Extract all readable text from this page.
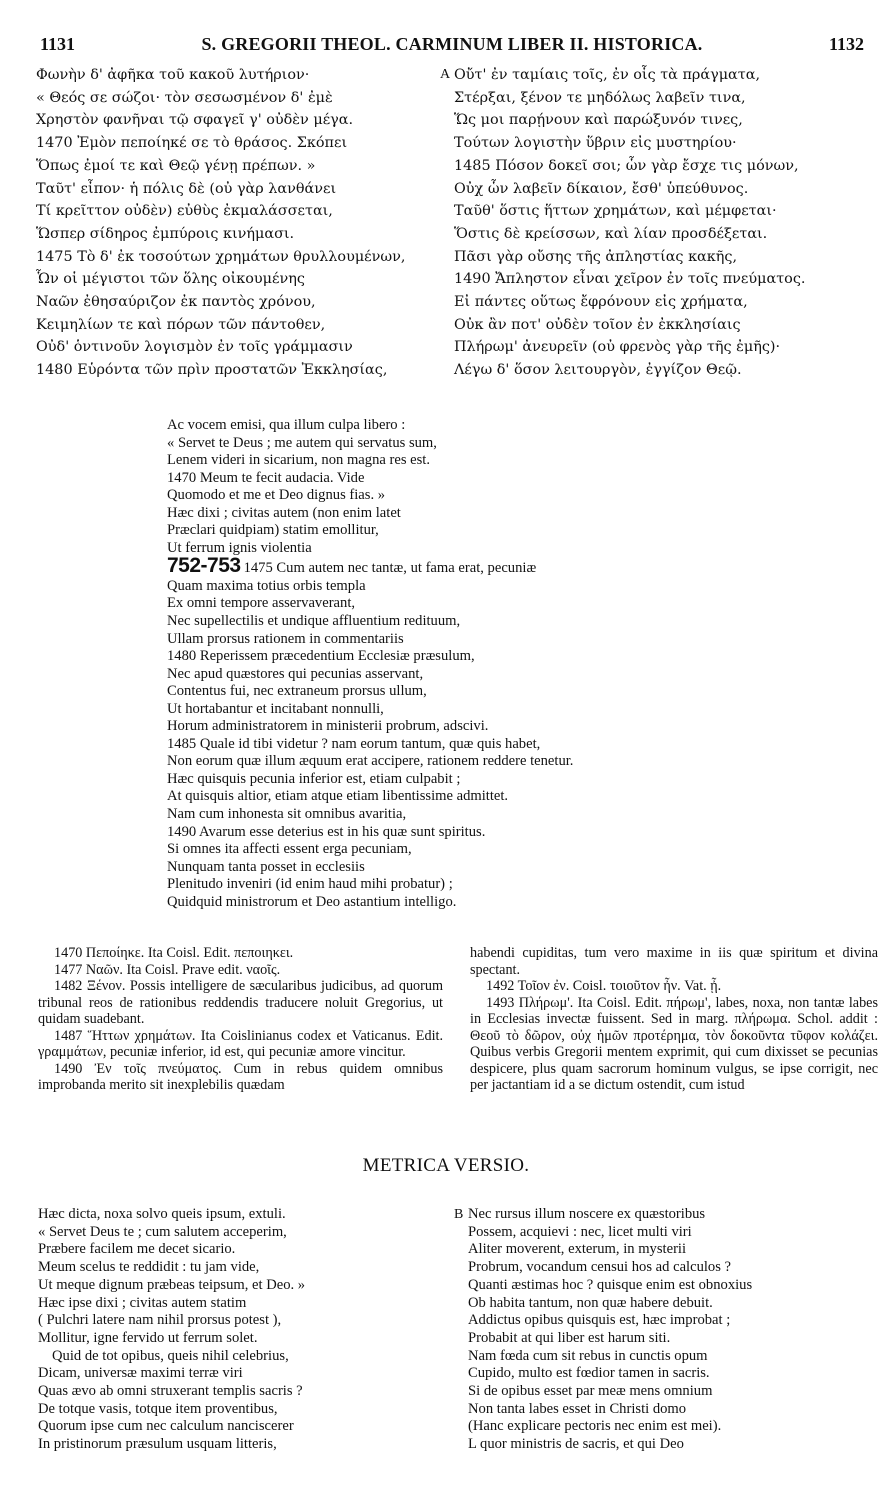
1131	S. GREGORII THEOL. CARMINUM LIBER II. HISTORICA.	1132
Φωνὴν δ' ἀφῆκα τοῦ κακοῦ λυτήριον·
« Θεός σε σώζοι· τὸν σεσωσμένον δ' ἐμὲ
Χρηστὸν φανῆναι τῷ σφαγεῖ γ' οὐδὲν μέγα.
1470 Ἐμὸν πεποίηκέ σε τὸ θράσος. Σκόπει
Ὅπως ἐμοί τε καὶ Θεῷ γένῃ πρέπων. »
Ταῦτ' εἶπον· ἡ πόλις δὲ (οὐ γὰρ λανθάνει
Τί κρεῖττον οὐδὲν) εὐθὺς ἐκμαλάσσεται,
Ὥσπερ σίδηρος ἐμπύροις κινήμασι.
1475 Τὸ δ' ἐκ τοσούτων χρημάτων θρυλλουμένων,
Ὧν οἱ μέγιστοι τῶν ὅλης οἰκουμένης
Ναῶν ἐθησαύριζον ἐκ παντὸς χρόνου,
Κειμηλίων τε καὶ πόρων τῶν πάντοθεν,
Οὐδ' ὁντινοῦν λογισμὸν ἐν τοῖς γράμμασιν
1480 Εὑρόντα τῶν πρὶν προστατῶν Ἐκκλησίας,
A Οὔτ' ἐν ταμίαις τοῖς, ἐν οἷς τὰ πράγματα,
Στέρξαι, ξένον τε μηδόλως λαβεῖν τινα,
Ὥς μοι παρῄνουν καὶ παρώξυνόν τινες,
Τούτων λογιστὴν ὕβριν εἰς μυστηρίου·
1485 Πόσον δοκεῖ σοι; ὧν γὰρ ἔσχε τις μόνων,
Οὐχ ὧν λαβεῖν δίκαιον, ἔσθ' ὑπεύθυνος.
Ταῦθ' ὅστις ἥττων χρημάτων, καὶ μέμφεται·
Ὅστις δὲ κρείσσων, καὶ λίαν προσδέξεται.
Πᾶσι γὰρ οὔσης τῆς ἀπληστίας κακῆς,
1490 Ἄπληστον εἶναι χεῖρον ἐν τοῖς πνεύματος.
Εἰ πάντες οὕτως ἔφρόνουν εἰς χρήματα,
Οὐκ ἂν ποτ' οὐδὲν τοῖον ἐν ἐκκλησίαις
Πλήρωμ' ἀνευρεῖν (οὐ φρενὸς γὰρ τῆς ἐμῆς)·
Λέγω δ' ὅσον λειτουργὸν, ἐγγίζον Θεῷ.
Ac vocem emisi, qua illum culpa libero :
« Servet te Deus ; me autem qui servatus sum,
Lenem videri in sicarium, non magna res est.
1470 Meum te fecit audacia. Vide
Quomodo et me et Deo dignus fias. »
Hæc dixi ; civitas autem (non enim latet
Præclari quidpiam) statim emollitur,
Ut ferrum ignis violentia
752-753 1475 Cum autem nec tantæ, ut fama erat, pecuniæ
Quam maxima totius orbis templa
Ex omni tempore asservaverant,
Nec supellectilis et undique affluentium redituum,
Ullam prorsus rationem in commentariis
1480 Reperissem præcedentium Ecclesiæ præsulum,
Nec apud quæstores qui pecunias asservant,
Contentus fui, nec extraneum prorsus ullum,
Ut hortabantur et incitabant nonnulli,
Horum administratorem in ministerii probrum, adscivi.
1485 Quale id tibi videtur ? nam eorum tantum, quæ quis habet,
Non eorum quæ illum æquum erat accipere, rationem reddere tenetur.
Hæc quisquis pecunia inferior est, etiam culpabit ;
At quisquis altior, etiam atque etiam libentissime admittet.
Nam cum inhonesta sit omnibus avaritia,
1490 Avarum esse deterius est in his quæ sunt spiritus.
Si omnes ita affecti essent erga pecuniam,
Nunquam tanta posset in ecclesiis
Plenitudo inveniri (id enim haud mihi probatur) ;
Quidquid ministrorum et Deo astantium intelligo.

1470 Πεποίηκε. Ita Coisl. Edit. πεποιηκει.

1477 Ναῶν. Ita Coisl. Prave edit. ναοῖς.

1482 Ξένον. Possis intelligere de sæcularibus judicibus, ad quorum tribunal reos de rationibus reddendis traducere noluit Gregorius, ut quidam suadebant.

1487 Ἥττων χρημάτων. Ita Coislinianus codex et Vaticanus. Edit. γραμμάτων, pecuniæ inferior, id est, qui pecuniæ amore vincitur.

1490 Ἐν τοῖς πνεύματος. Cum in rebus quidem omnibus improbanda merito sit inexplebilis quædam

habendi cupiditas, tum vero maxime in iis quæ spiritum et divina spectant.

1492 Τοῖον ἐν. Coisl. τοιοῦτον ἦν. Vat. ᾖ.

1493 Πλήρωμ'. Ita Coisl. Edit. πήρωμ', labes, noxa, non tantæ labes in Ecclesias invectæ fuissent. Sed in marg. πλήρωμα. Schol. addit : Θεοῦ τὸ δῶρον, οὐχ ἡμῶν προτέρημα, τὸν δοκοῦντα τῦφον κολάζει. Quibus verbis Gregorii mentem exprimit, qui cum dixisset se pecunias despicere, plus quam sacrorum hominum vulgus, se ipse corrigit, nec per jactantiam id a se dictum ostendit, cum istud

METRICA VERSIO.
Hæc dicta, noxa solvo queis ipsum, extuli.
« Servet Deus te ; cum salutem acceperim,
Præbere facilem me decet sicario.
Meum scelus te reddidit : tu jam vide,
Ut meque dignum præbeas teipsum, et Deo. »
Hæc ipse dixi ; civitas autem statim
( Pulchri latere nam nihil prorsus potest ),
Mollitur, igne fervido ut ferrum solet.
Quid de tot opibus, queis nihil celebrius,
Dicam, universæ maximi terræ viri
Quas ævo ab omni struxerant templis sacris ?
De totque vasis, totque item proventibus,
Quorum ipse cum nec calculum nanciscerer
In pristinorum præsulum usquam litteris,
B Nec rursus illum noscere ex quæstoribus
Possem, acquievi : nec, licet multi viri
Aliter moverent, exterum, in mysterii
Probrum, vocandum censui hos ad calculos ?
Quanti æstimas hoc ? quisque enim est obnoxius
Ob habita tantum, non quæ habere debuit.
Addictus opibus quisquis est, hæc improbat ;
Probabit at qui liber est harum siti.
Nam fœda cum sit rebus in cunctis opum
Cupido, multo est fœdior tamen in sacris.
Si de opibus esset par meæ mens omnium
Non tanta labes esset in Christi domo
(Hanc explicare pectoris nec enim est mei).
L quor ministris de sacris, et qui Deo
